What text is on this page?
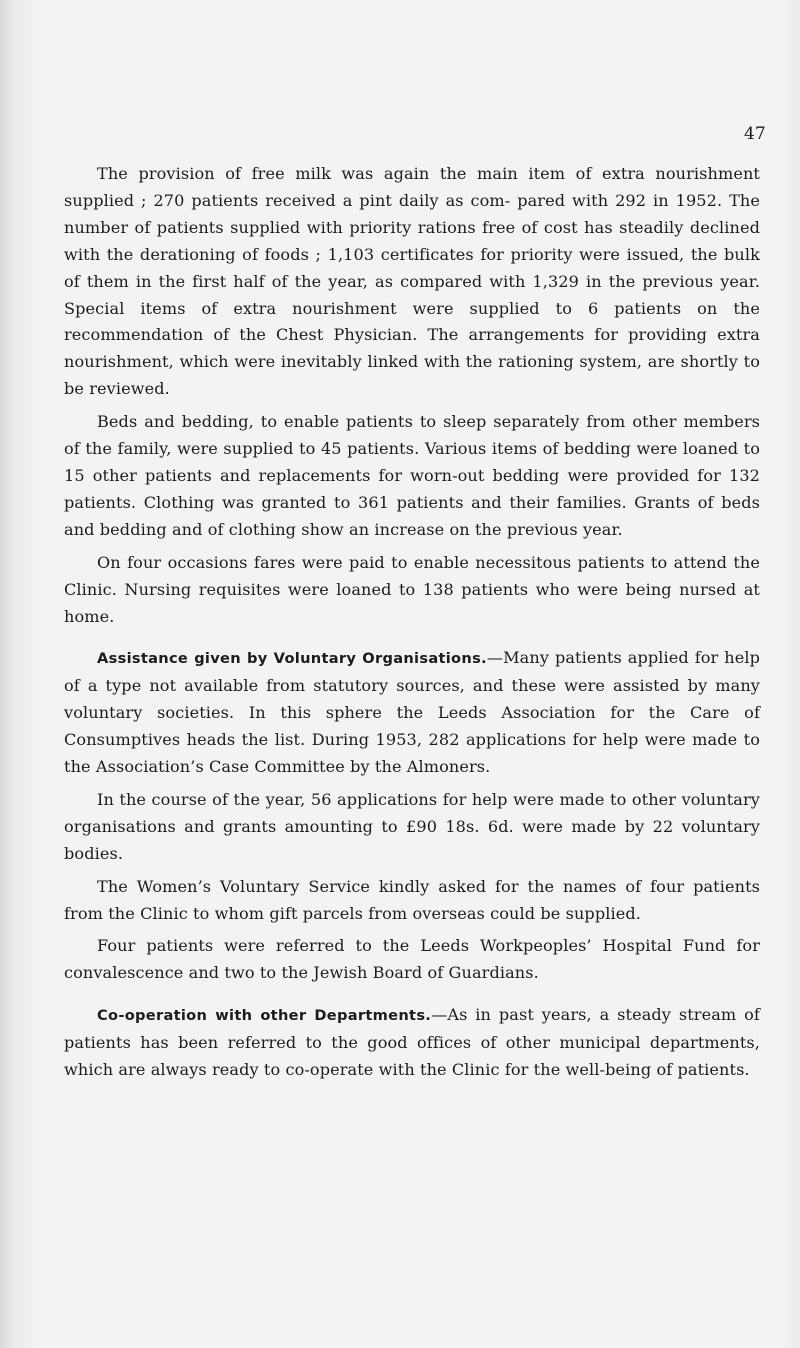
47

The provision of free milk was again the main item of extra nourishment supplied ; 270 patients received a pint daily as com- pared with 292 in 1952. The number of patients supplied with priority rations free of cost has steadily declined with the derationing of foods ; 1,103 certificates for priority were issued, the bulk of them in the first half of the year, as compared with 1,329 in the previous year. Special items of extra nourishment were supplied to 6 patients on the recommendation of the Chest Physician. The arrangements for providing extra nourishment, which were inevitably linked with the rationing system, are shortly to be reviewed.

Beds and bedding, to enable patients to sleep separately from other members of the family, were supplied to 45 patients. Various items of bedding were loaned to 15 other patients and replacements for worn-out bedding were provided for 132 patients. Clothing was granted to 361 patients and their families. Grants of beds and bedding and of clothing show an increase on the previous year.

On four occasions fares were paid to enable necessitous patients to attend the Clinic. Nursing requisites were loaned to 138 patients who were being nursed at home.

Assistance given by Voluntary Organisations.—Many patients applied for help of a type not available from statutory sources, and these were assisted by many voluntary societies. In this sphere the Leeds Association for the Care of Consumptives heads the list. During 1953, 282 applications for help were made to the Association’s Case Committee by the Almoners.

In the course of the year, 56 applications for help were made to other voluntary organisations and grants amounting to £90 18s. 6d. were made by 22 voluntary bodies.

The Women’s Voluntary Service kindly asked for the names of four patients from the Clinic to whom gift parcels from overseas could be supplied.

Four patients were referred to the Leeds Workpeoples’ Hospital Fund for convalescence and two to the Jewish Board of Guardians.

Co-operation with other Departments.—As in past years, a steady stream of patients has been referred to the good offices of other municipal departments, which are always ready to co-operate with the Clinic for the well-being of patients.
